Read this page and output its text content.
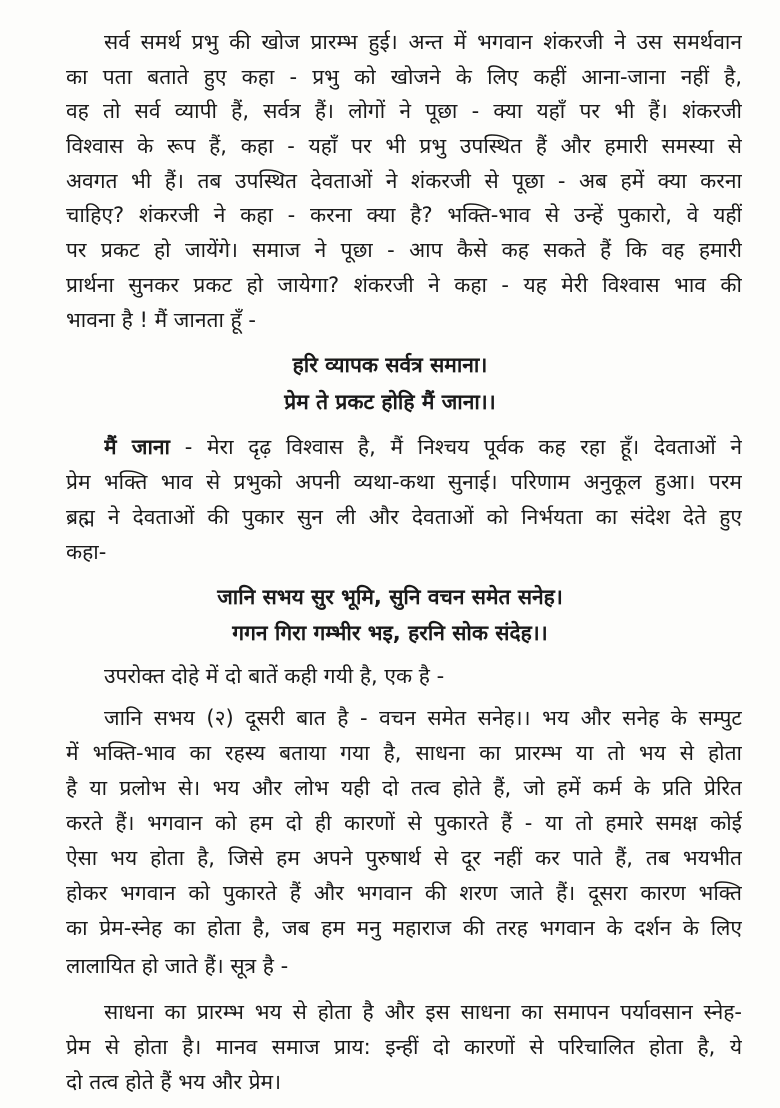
सर्व समर्थ प्रभु की खोज प्रारम्भ हुई। अन्त में भगवान शंकरजी ने उस समर्थवान
का पता बताते हुए कहा - प्रभु को खोजने के लिए कहीं आना-जाना नहीं है,
वह तो सर्व व्यापी हैं, सर्वत्र हैं। लोगों ने पूछा - क्या यहाँ पर भी हैं। शंकरजी
विश्वास के रूप हैं, कहा - यहाँ पर भी प्रभु उपस्थित हैं और हमारी समस्या से
अवगत भी हैं। तब उपस्थित देवताओं ने शंकरजी से पूछा - अब हमें क्या करना
चाहिए? शंकरजी ने कहा - करना क्या है? भक्ति-भाव से उन्हें पुकारो, वे यहीं
पर प्रकट हो जायेंगे। समाज ने पूछा - आप कैसे कह सकते हैं कि वह हमारी
प्रार्थना सुनकर प्रकट हो जायेगा? शंकरजी ने कहा - यह मेरी विश्वास भाव की
भावना है ! मैं जानता हूँ -
हरि व्यापक सर्वत्र समाना।
प्रेम ते प्रकट होहि मैं जाना।।
मैं जाना - मेरा दृढ़ विश्वास है, मैं निश्चय पूर्वक कह रहा हूँ। देवताओं ने
प्रेम भक्ति भाव से प्रभुको अपनी व्यथा-कथा सुनाई। परिणाम अनुकूल हुआ। परम
ब्रह्म ने देवताओं की पुकार सुन ली और देवताओं को निर्भयता का संदेश देते हुए
कहा-
जानि सभय सुर भूमि, सुनि वचन समेत सनेह।
गगन गिरा गम्भीर भइ, हरनि सोक संदेह।।
उपरोक्त दोहे में दो बातें कही गयी है, एक है -
जानि सभय (२) दूसरी बात है - वचन समेत सनेह।। भय और सनेह के सम्पुट
में भक्ति-भाव का रहस्य बताया गया है, साधना का प्रारम्भ या तो भय से होता
है या प्रलोभ से। भय और लोभ यही दो तत्व होते हैं, जो हमें कर्म के प्रति प्रेरित
करते हैं। भगवान को हम दो ही कारणों से पुकारते हैं - या तो हमारे समक्ष कोई
ऐसा भय होता है, जिसे हम अपने पुरुषार्थ से दूर नहीं कर पाते हैं, तब भयभीत
होकर भगवान को पुकारते हैं और भगवान की शरण जाते हैं। दूसरा कारण भक्ति
का प्रेम-स्नेह का होता है, जब हम मनु महाराज की तरह भगवान के दर्शन के लिए
लालायित हो जाते हैं। सूत्र है -
साधना का प्रारम्भ भय से होता है और इस साधना का समापन पर्यावसान स्नेह-
प्रेम से होता है। मानव समाज प्राय: इन्हीं दो कारणों से परिचालित होता है, ये
दो तत्व होते हैं भय और प्रेम।
